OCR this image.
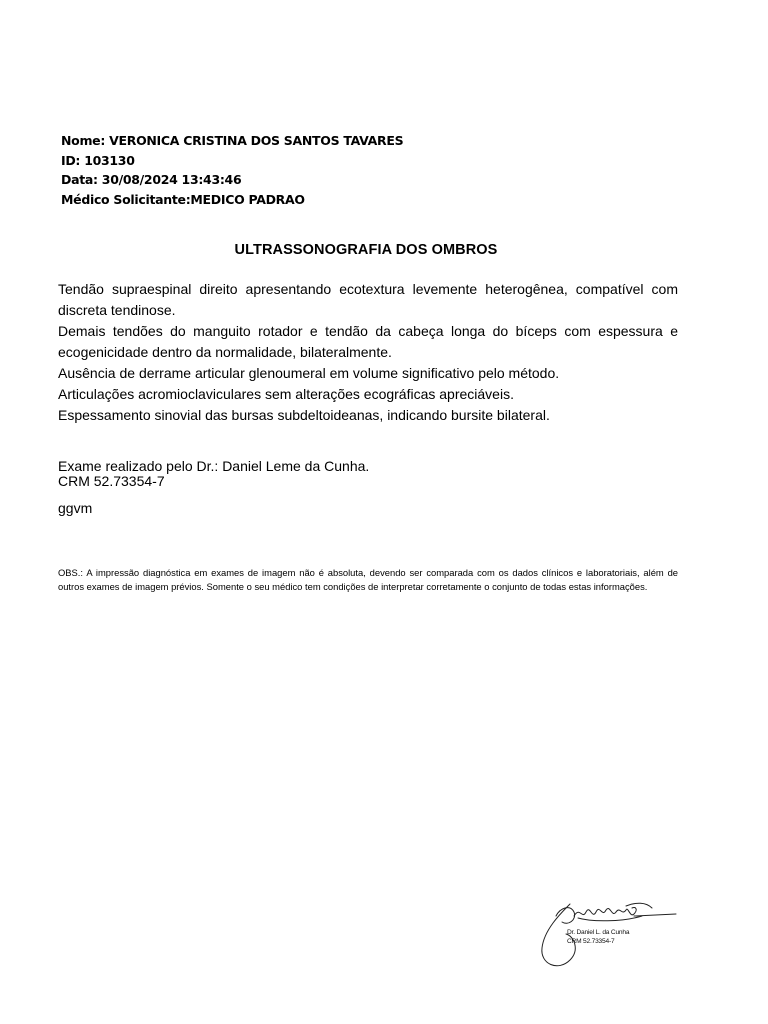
Nome: VERONICA CRISTINA DOS SANTOS TAVARES
ID: 103130
Data: 30/08/2024 13:43:46
Médico Solicitante:MEDICO PADRAO
ULTRASSONOGRAFIA DOS OMBROS

Tendão supraespinal direito apresentando ecotextura levemente heterogênea, compatível com discreta tendinose.

Demais tendões do manguito rotador e tendão da cabeça longa do bíceps com espessura e ecogenicidade dentro da normalidade, bilateralmente.

Ausência de derrame articular glenoumeral em volume significativo pelo método.

Articulações acromioclaviculares sem alterações ecográficas apreciáveis.

Espessamento sinovial das bursas subdeltoideanas, indicando bursite bilateral.

Exame realizado pelo Dr.: Daniel Leme da Cunha.
CRM 52.73354-7
ggvm
OBS.: A impressão diagnóstica em exames de imagem não é absoluta, devendo ser comparada com os dados clínicos e laboratoriais, além de outros exames de imagem prévios. Somente o seu médico tem condições de interpretar corretamente o conjunto de todas estas informações.
Dr. Daniel L. da Cunha
CRM 52.73354-7
